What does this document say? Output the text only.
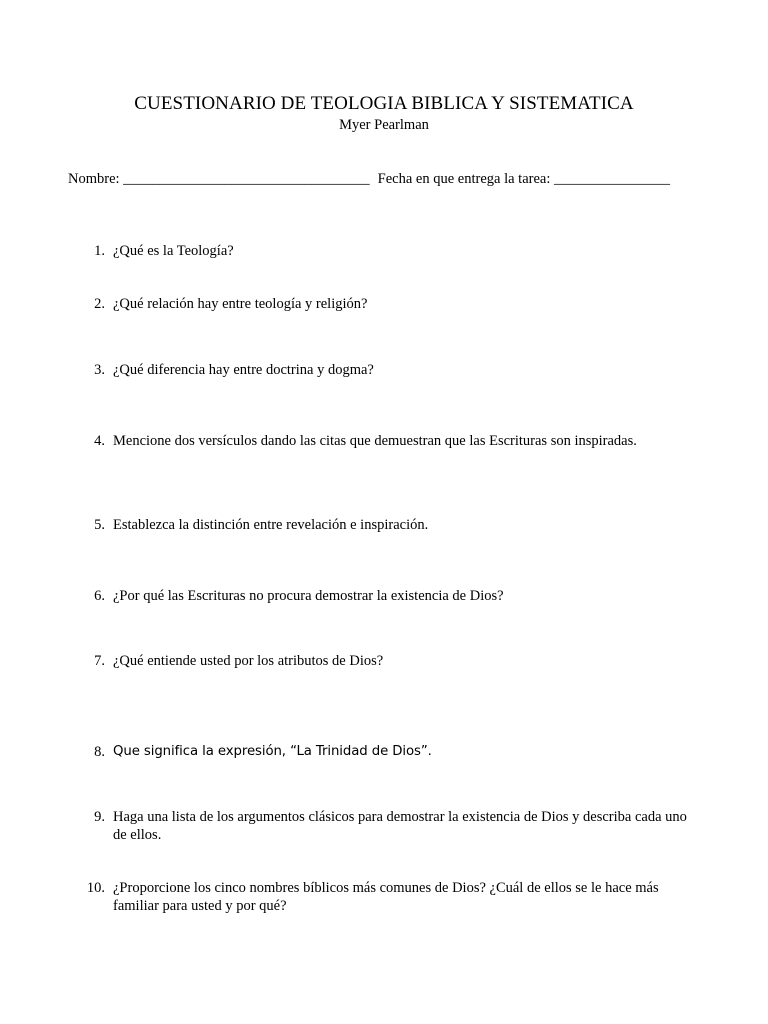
CUESTIONARIO DE TEOLOGIA BIBLICA Y SISTEMATICA
Myer Pearlman
Nombre: __________________________________ Fecha en que entrega la tarea: ________________
1. ¿Qué es la Teología?
2. ¿Qué relación hay entre teología y religión?
3. ¿Qué diferencia hay entre doctrina y dogma?
4. Mencione dos versículos dando las citas que demuestran que las Escrituras son inspiradas.
5. Establezca la distinción entre revelación e inspiración.
6. ¿Por qué las Escrituras no procura demostrar la existencia de Dios?
7. ¿Qué entiende usted por los atributos de Dios?
8. Que significa la expresión, “La Trinidad de Dios”.
9. Haga una lista de los argumentos clásicos para demostrar la existencia de Dios y describa cada uno de ellos.
10. ¿Proporcione los cinco nombres bíblicos más comunes de Dios? ¿Cuál de ellos se le hace más familiar para usted y por qué?
